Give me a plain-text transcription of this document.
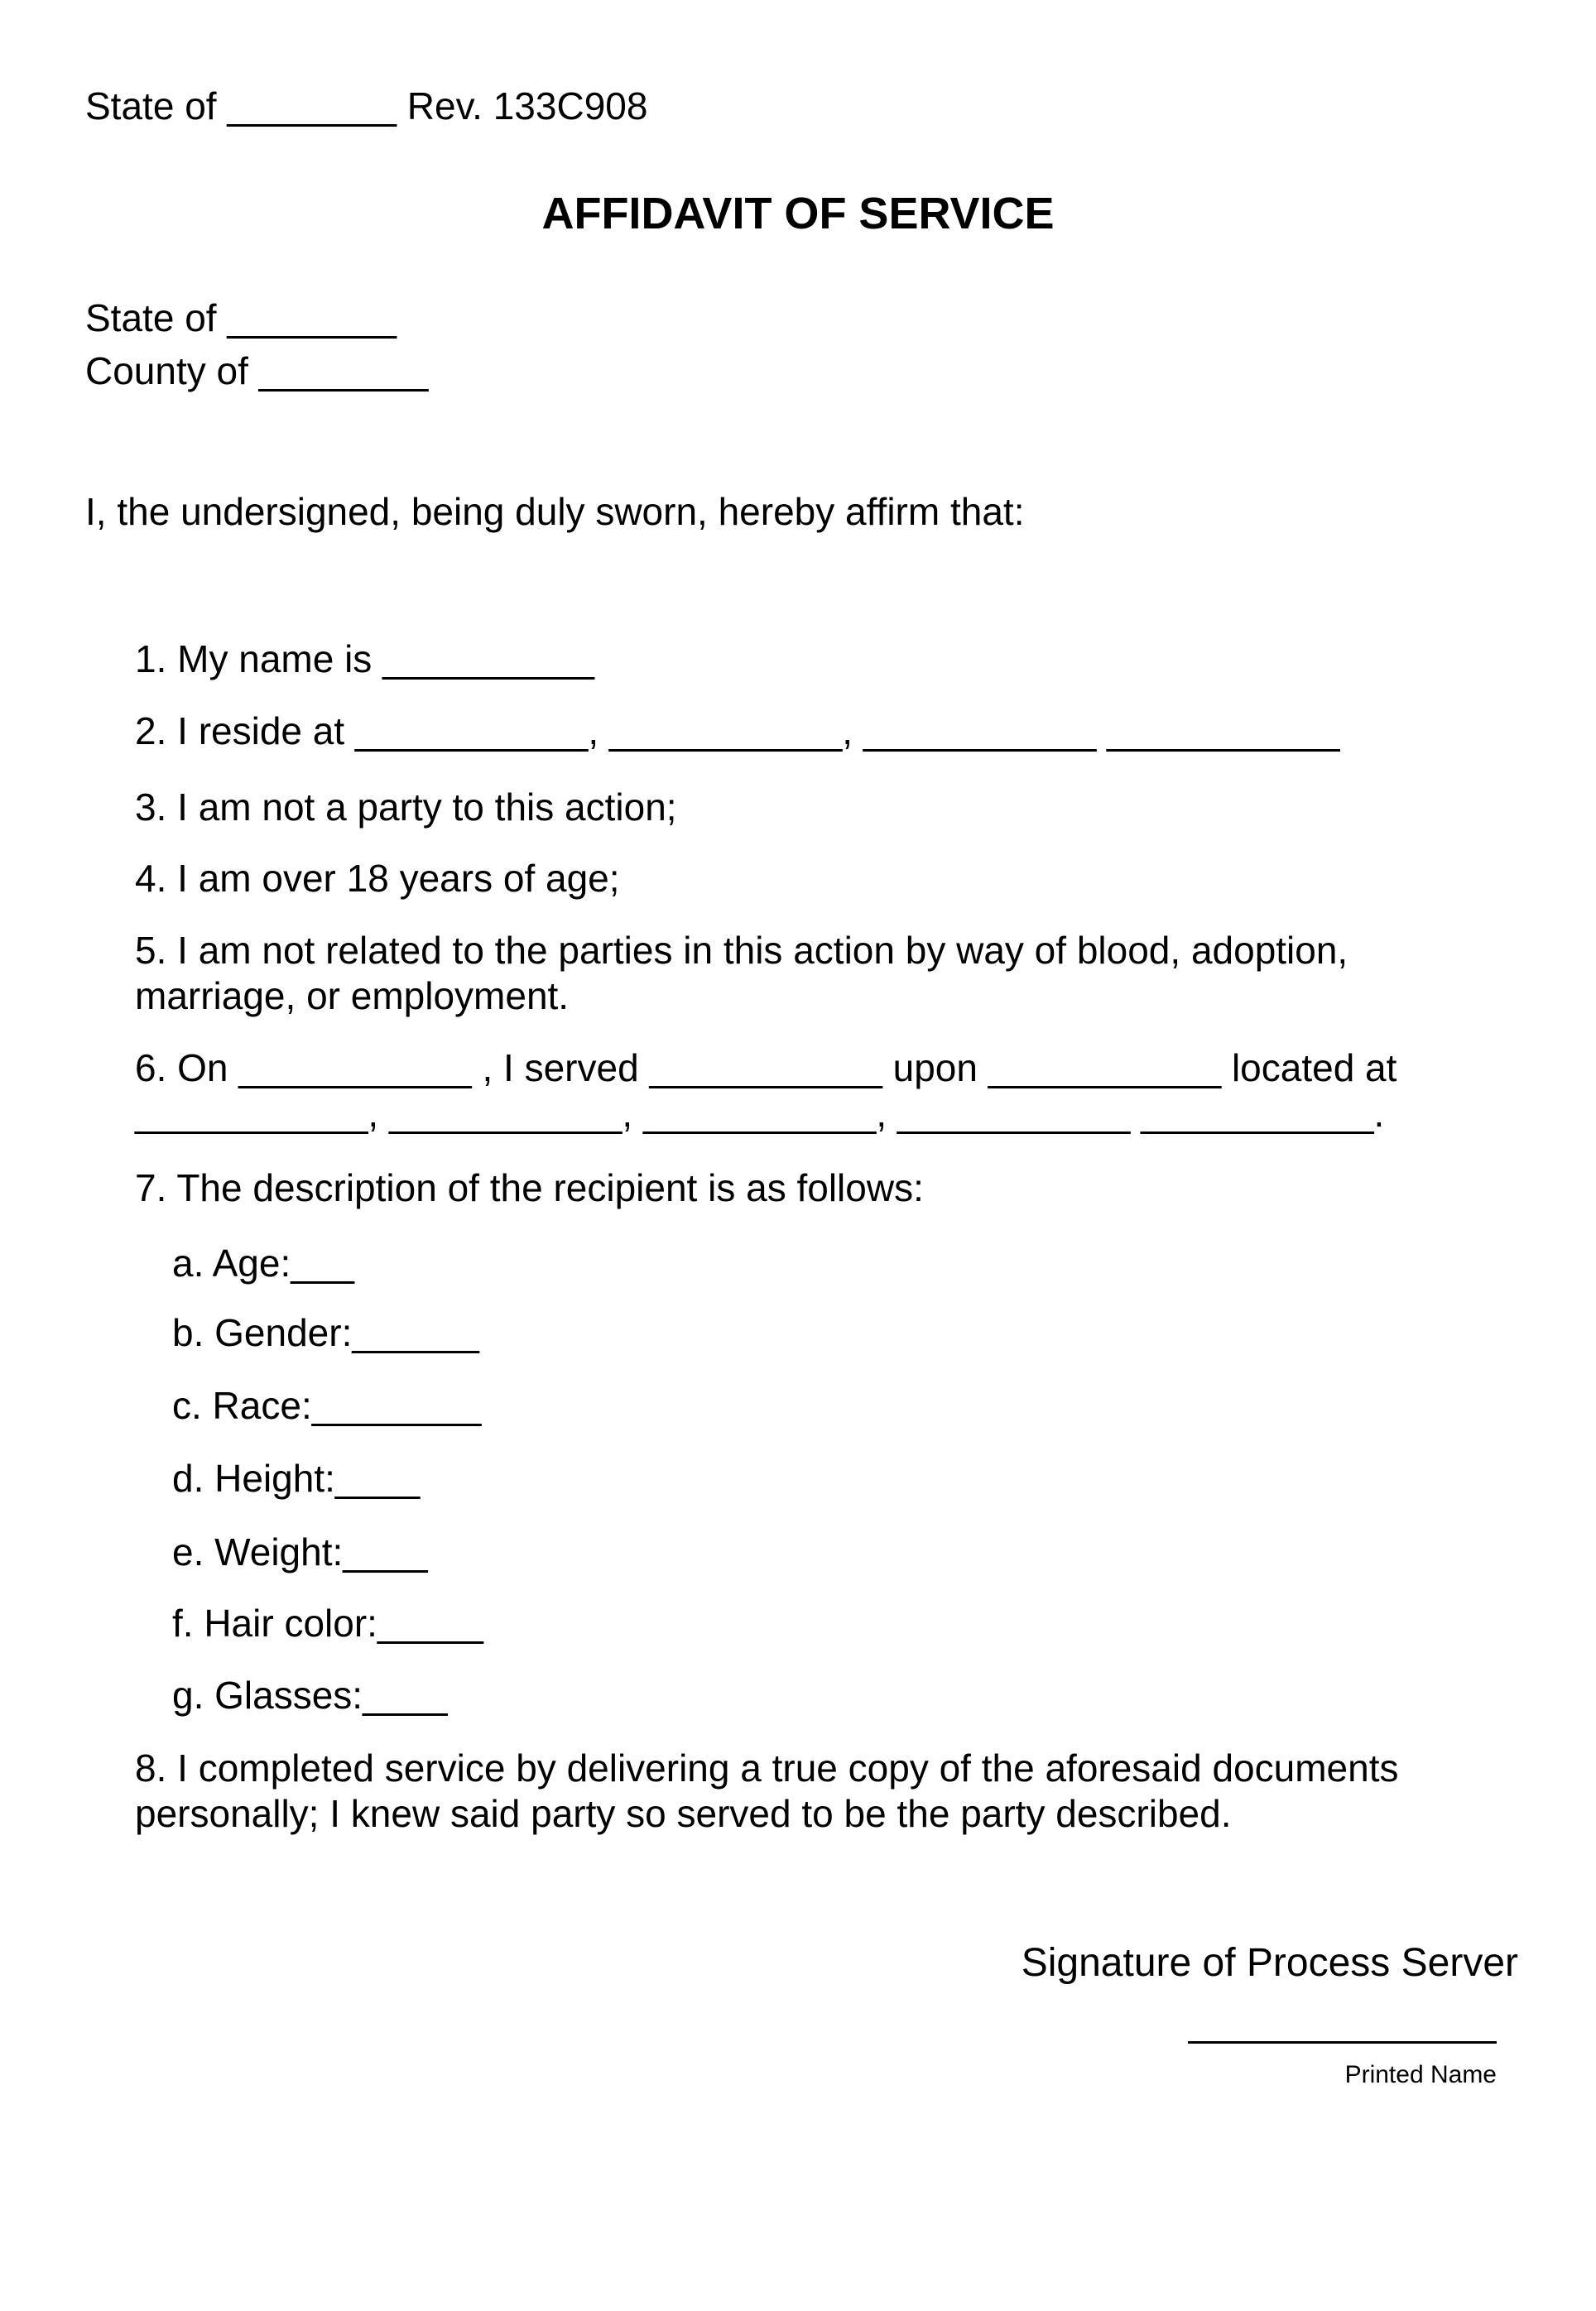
State of ________ Rev. 133C908
AFFIDAVIT OF SERVICE
State of ________
County of ________
I, the undersigned, being duly sworn, hereby affirm that:
1. My name is __________
2. I reside at ___________, ___________, ___________ ___________
3. I am not a party to this action;
4. I am over 18 years of age;
5. I am not related to the parties in this action by way of blood, adoption,
marriage, or employment.
6. On ___________ , I served ___________ upon ___________ located at
___________, ___________, ___________, ___________ ___________.
7. The description of the recipient is as follows:
a. Age:___
b. Gender:______
c. Race:________
d. Height:____
e. Weight:____
f. Hair color:_____
g. Glasses:____
8. I completed service by delivering a true copy of the aforesaid documents
personally; I knew said party so served to be the party described.
Signature of Process Server
Printed Name
